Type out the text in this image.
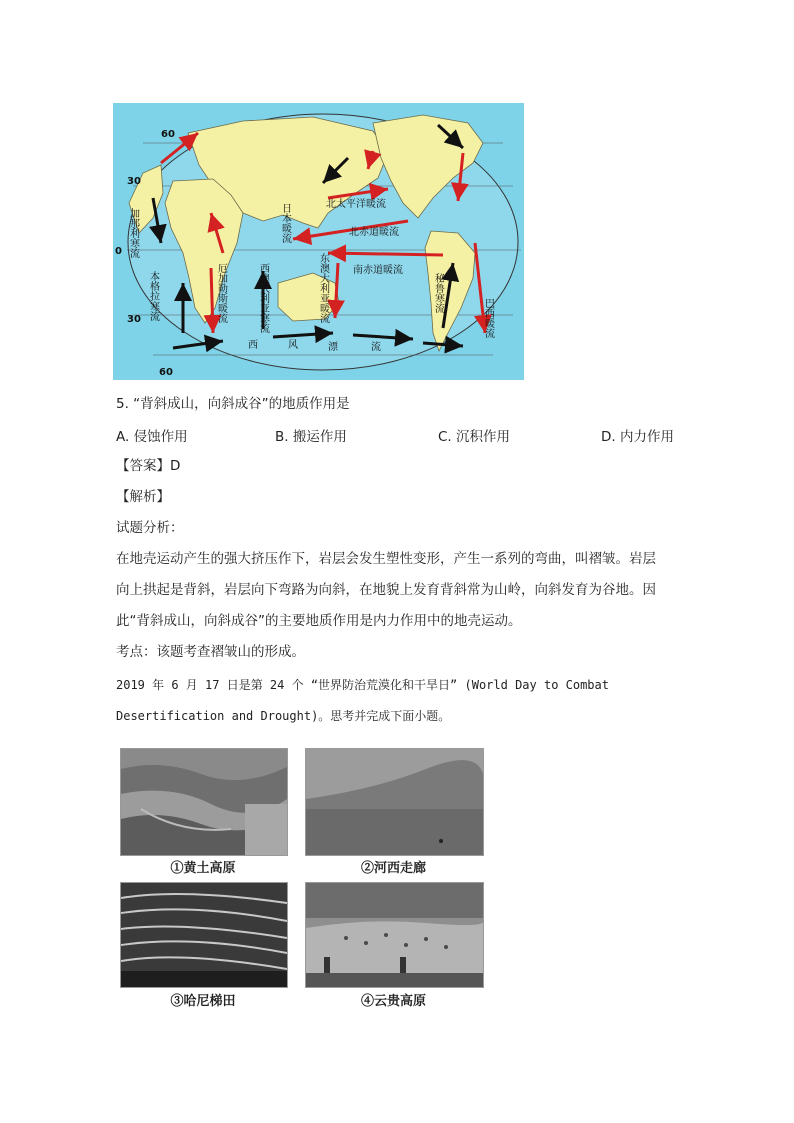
60
30
0
30
60
北太平洋暖流
北赤道暖流
南赤道暖流
日本暖流
加那利寒流
本格拉寒流	厄加勒斯暖流	西澳大利亚寒流	东澳大利亚暖流	秘鲁寒流
巴西暖流
西	风	漂	流
5. “背斜成山，向斜成谷”的地质作用是
A. 侵蚀作用	B. 搬运作用	C. 沉积作用	D. 内力作用
【答案】D
【解析】
试题分析：
在地壳运动产生的强大挤压作下，岩层会发生塑性变形，产生一系列的弯曲，叫褶皱。岩层
向上拱起是背斜，岩层向下弯路为向斜，在地貌上发育背斜常为山岭，向斜发育为谷地。因
此“背斜成山，向斜成谷”的主要地质作用是内力作用中的地壳运动。
考点：该题考查褶皱山的形成。
2019 年 6 月 17 日是第 24 个 “世界防治荒漠化和干旱日” (World Day to Combat
Desertification and Drought)。思考并完成下面小题。
①黄土高原	②河西走廊
③哈尼梯田	④云贵高原
